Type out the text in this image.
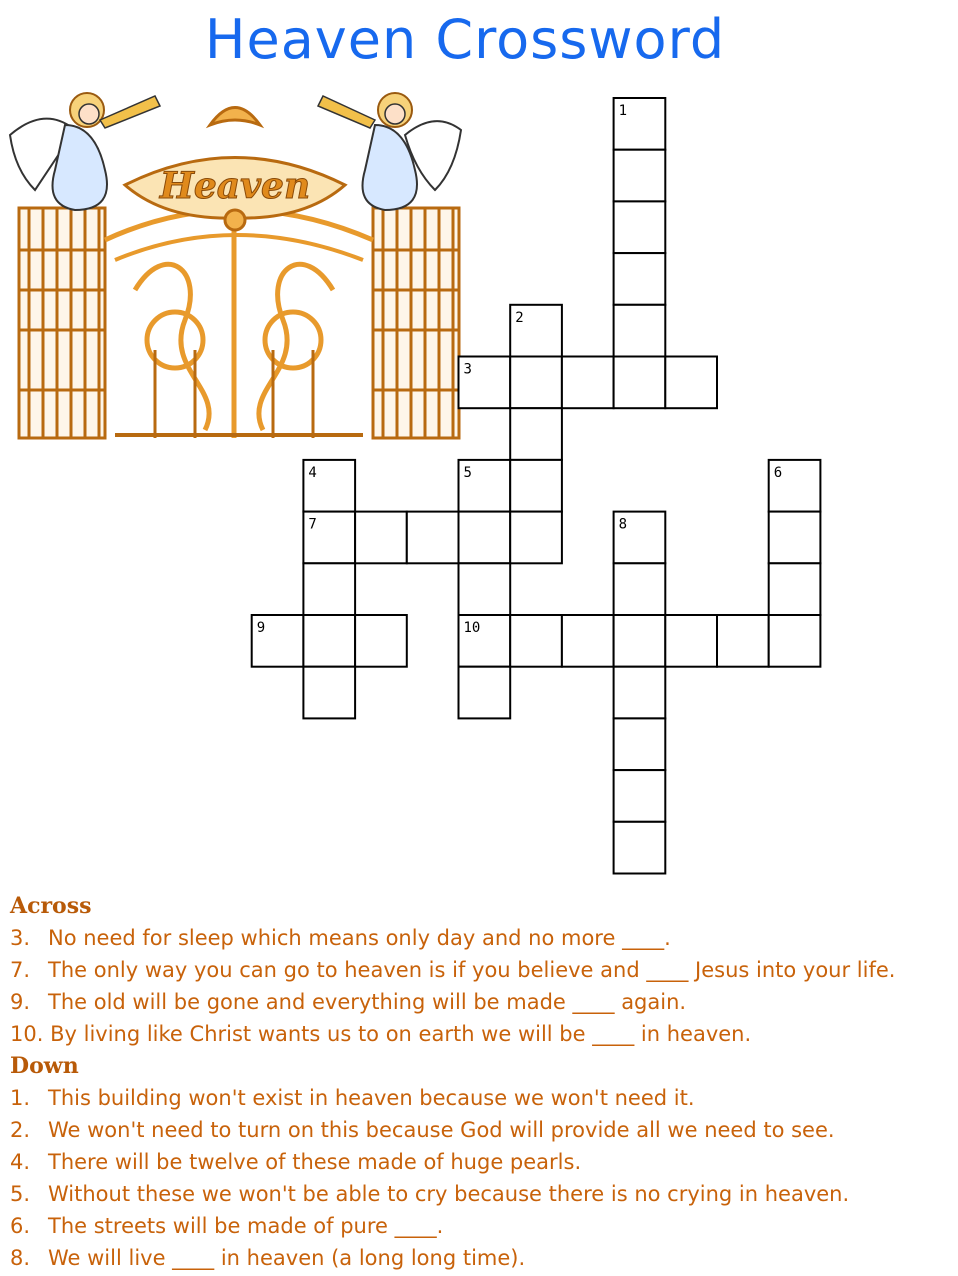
Heaven Crossword
Heaven
1
2
3
4	5	6
7	8
9	10
Across
3. No need for sleep which means only day and no more ____.
7. The only way you can go to heaven is if you believe and ____ Jesus into your life.
9. The old will be gone and everything will be made ____ again.
10. By living like Christ wants us to on earth we will be ____ in heaven.
Down
1. This building won't exist in heaven because we won't need it.
2. We won't need to turn on this because God will provide all we need to see.
4. There will be twelve of these made of huge pearls.
5. Without these we won't be able to cry because there is no crying in heaven.
6. The streets will be made of pure ____.
8. We will live ____ in heaven (a long long time).
